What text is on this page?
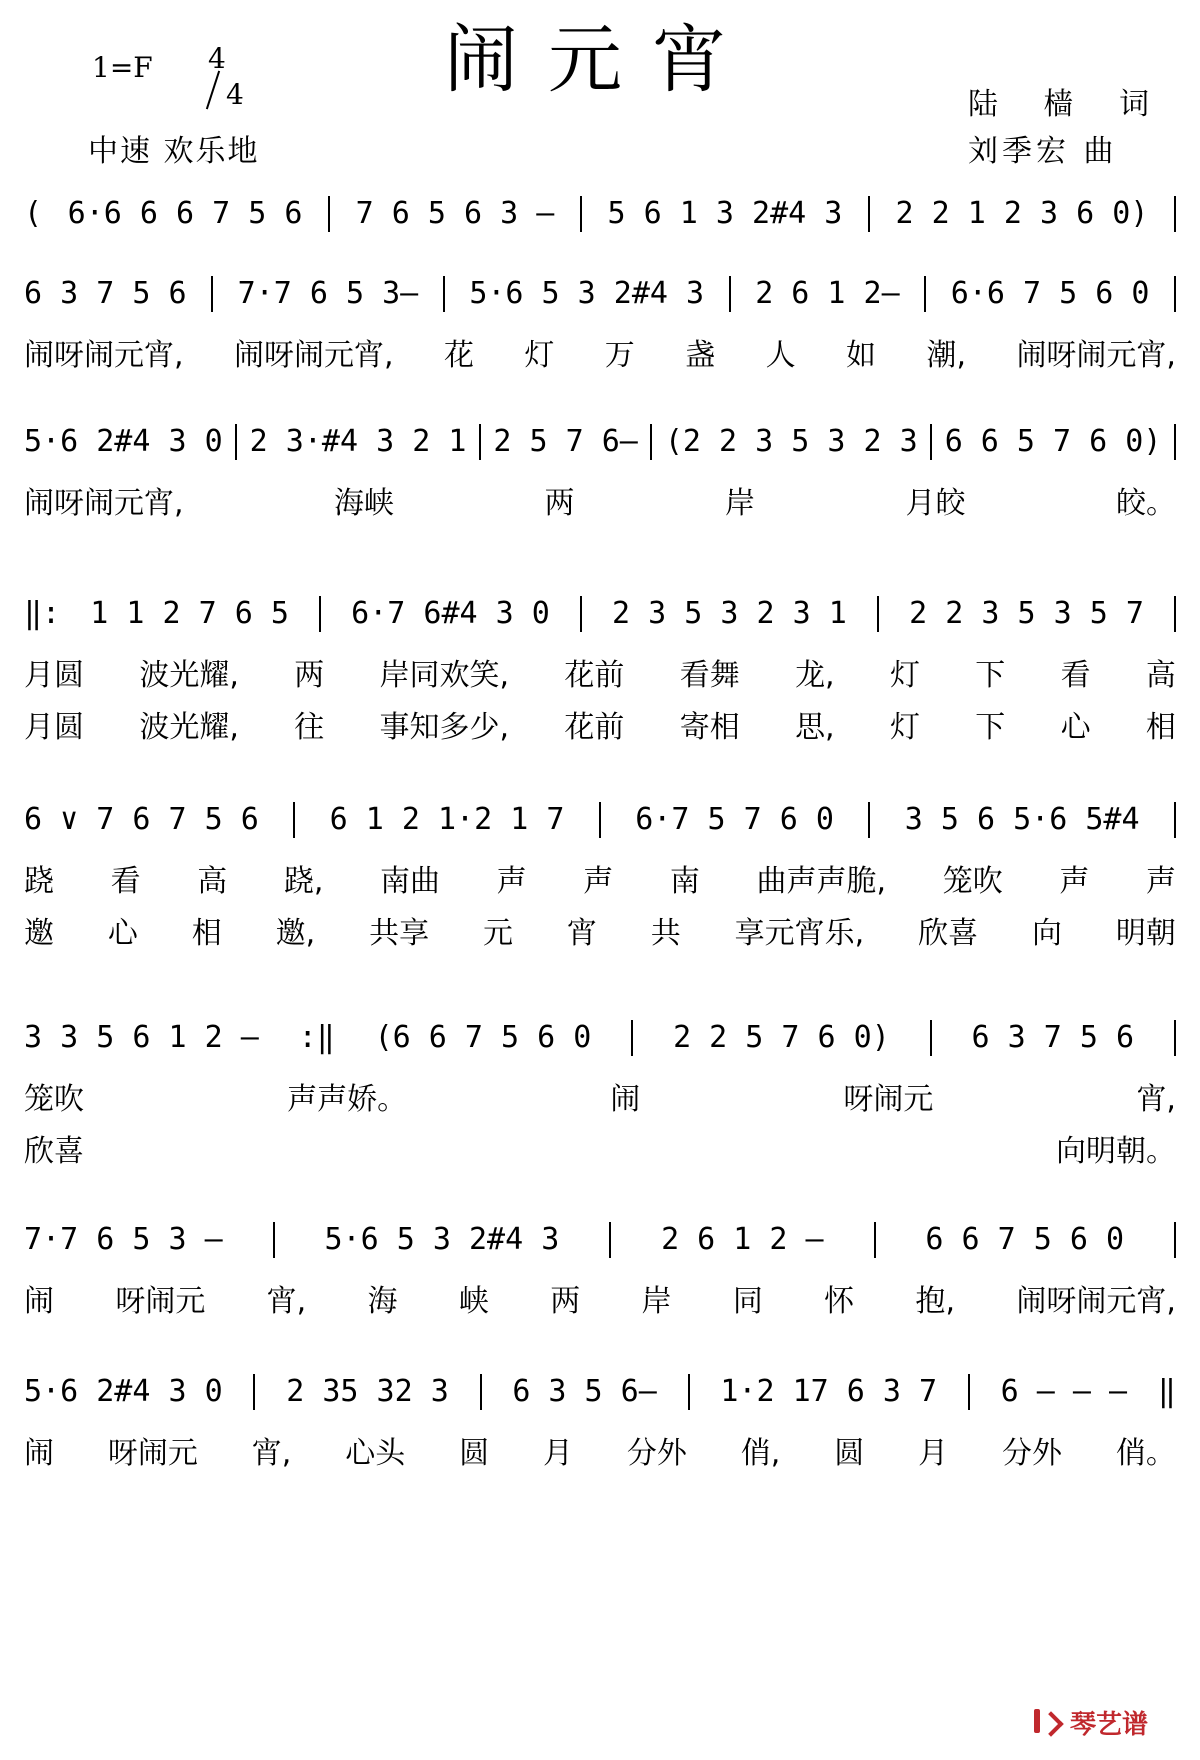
闹元宵
1=F 4
4
中速 欢乐地
陆 樯 词
刘季宏 曲
( 6·6 6 6 7 5 6 7 6 5 6 3 — 5 6 1 3 2#4 3 2 2 1 2 3 6 0)
6 3 7 5 6 7·7 6 5 3— 5·6 5 3 2#4 3 2 6 1 2— 6·6 7 5 6 0
闹呀闹元宵, 闹呀闹元宵, 花 灯 万 盏 人 如 潮, 闹呀闹元宵,
5·6 2#4 3 0 2 3·#4 3 2 1 2 5 7 6— (2 2 3 5 3 2 3 6 6 5 7 6 0)
闹呀闹元宵,	海峡	两	岸	月皎	皎。
‖: 1 1 2 7 6 5 6·7 6#4 3 0 2 3 5 3 2 3 1 2 2 3 5 3 5 7
月圆 波光耀, 两 岸同欢笑, 花前 看舞 龙, 灯 下 看 高
月圆 波光耀, 往 事知多少, 花前 寄相 思, 灯 下 心 相
6 ∨ 7 6 7 5 6 6 1 2 1·2 1 7 6·7 5 7 6 0 3 5 6 5·6 5#4
跷 看 高 跷, 南曲 声 声 南 曲声声脆, 笼吹 声 声
邀 心 相 邀, 共享 元 宵 共 享元宵乐, 欣喜 向 明朝
3 3 5 6 1 2 — :‖ (6 6 7 5 6 0	2 2 5 7 6 0)	6 3 7 5 6
笼吹	声声娇。	闹	呀闹元	宵,
欣喜	向明朝。
7·7 6 5 3 —	5·6 5 3 2#4 3	2 6 1 2 —	6 6 7 5 6 0
闹 呀闹元 宵, 海 峡 两 岸 同 怀 抱, 闹呀闹元宵,
5·6 2#4 3 0 2 35 32 3 6 3 5 6— 1·2 17 6 3 7 6 — — — ‖
闹 呀闹元 宵, 心头 圆 月 分外 俏, 圆 月 分外 俏。
琴艺谱
